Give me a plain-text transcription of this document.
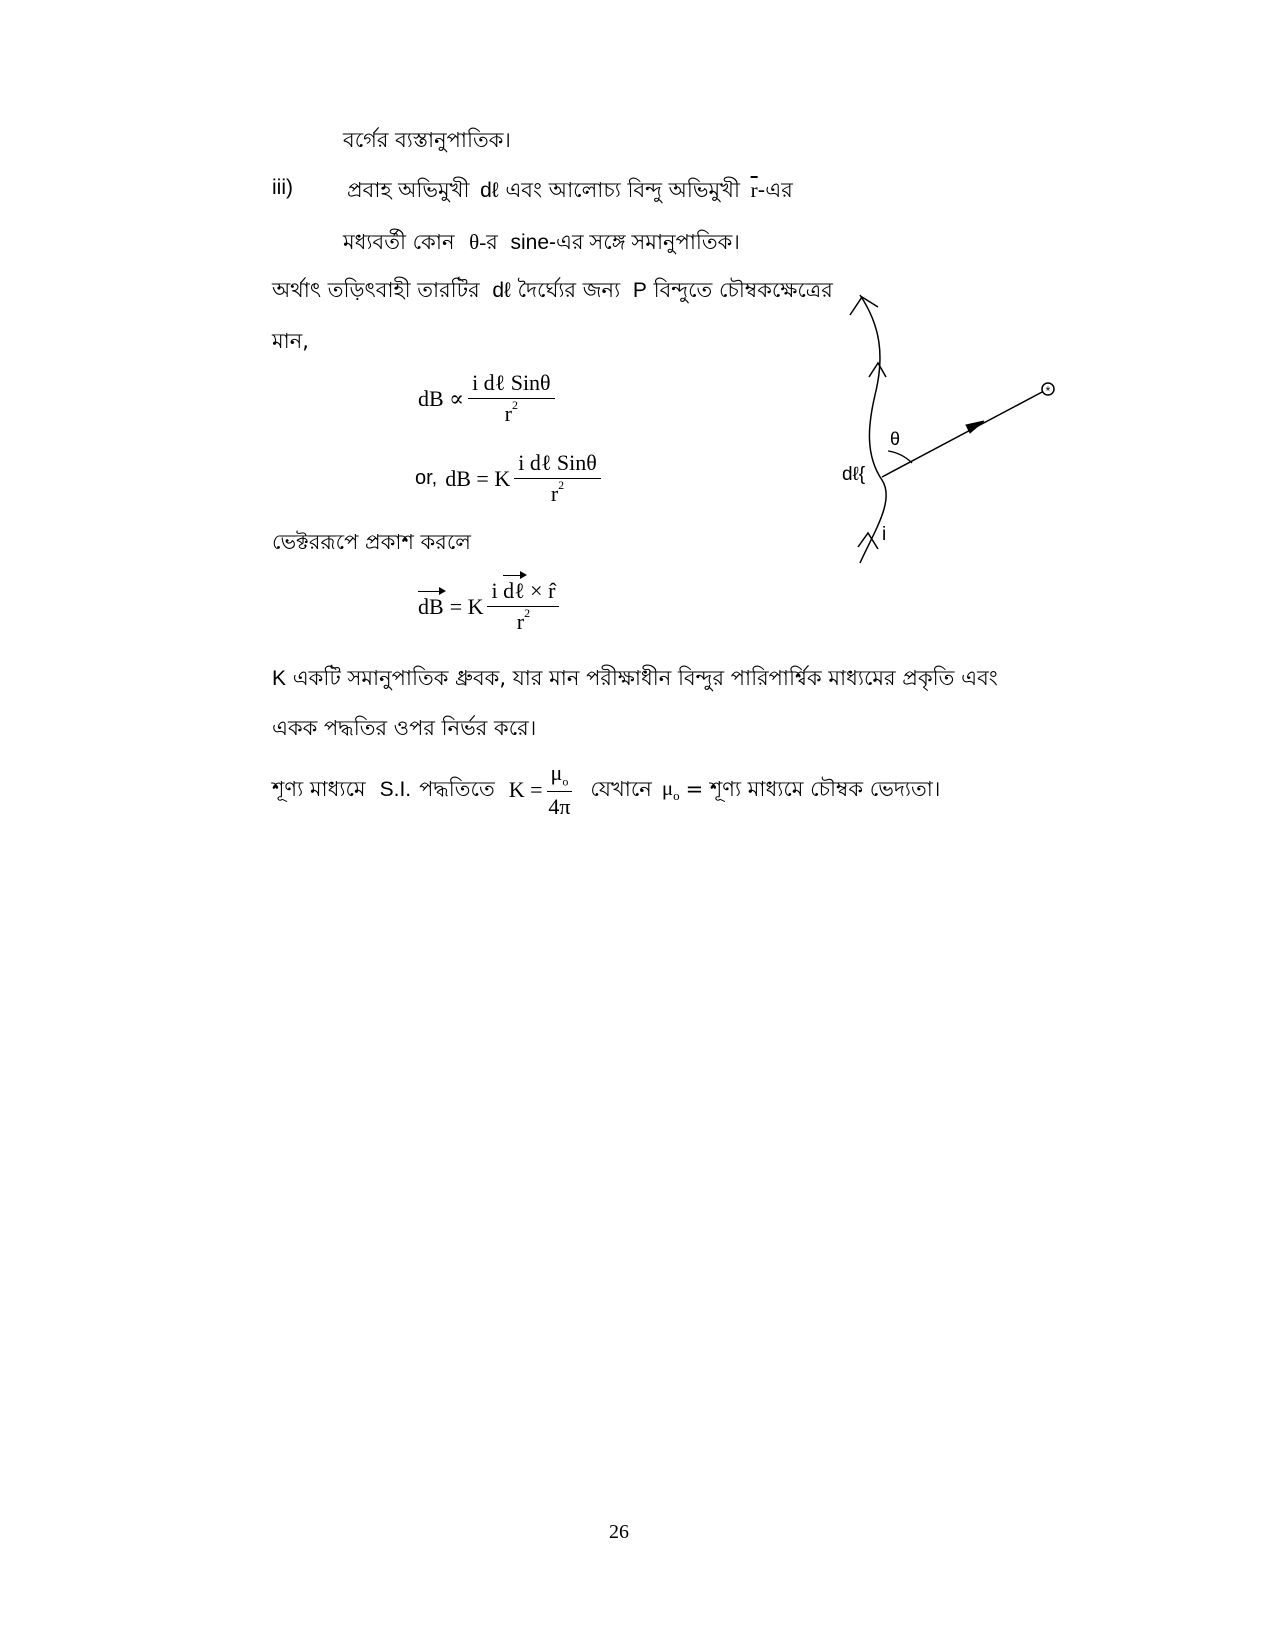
বর্গের ব্যস্তানুপাতিক।
iii)	প্রবাহ অভিমুখী dℓ এবং আলোচ্য বিন্দু অভিমুখী $\overline{r}-এর$
মধ্যবর্তী কোন θ-র sine-এর সঙ্গে সমানুপাতিক।
অর্থাৎ তড়িৎবাহী তারটির dℓ দৈর্ঘ্যের জন্য P বিন্দুতে চৌম্বকক্ষেত্রের
মান,
dB ∝ $\frac{\text{i dℓ Sinθ}}{r^2}$
or, dB = K $\frac{\text{i dℓ Sinθ}}{r^2}$
ভেক্টররূপে প্রকাশ করলে
dB = K $\frac{\text{i dℓ × r̂}}{r^2}$
K একটি সমানুপাতিক ধ্রুবক, যার মান পরীক্ষাধীন বিন্দুর পারিপার্শ্বিক মাধ্যমের প্রকৃতি এবং
একক পদ্ধতির ওপর নির্ভর করে।
শূণ্য মাধ্যমে S.I. পদ্ধতিতে $K = \frac{\mu_o}{4\pi}$ যেখানে $\mu_o$ = শূণ্য মাধ্যমে চৌম্বক ভেদ্যতা।
*
θ
dℓ{
i
26
